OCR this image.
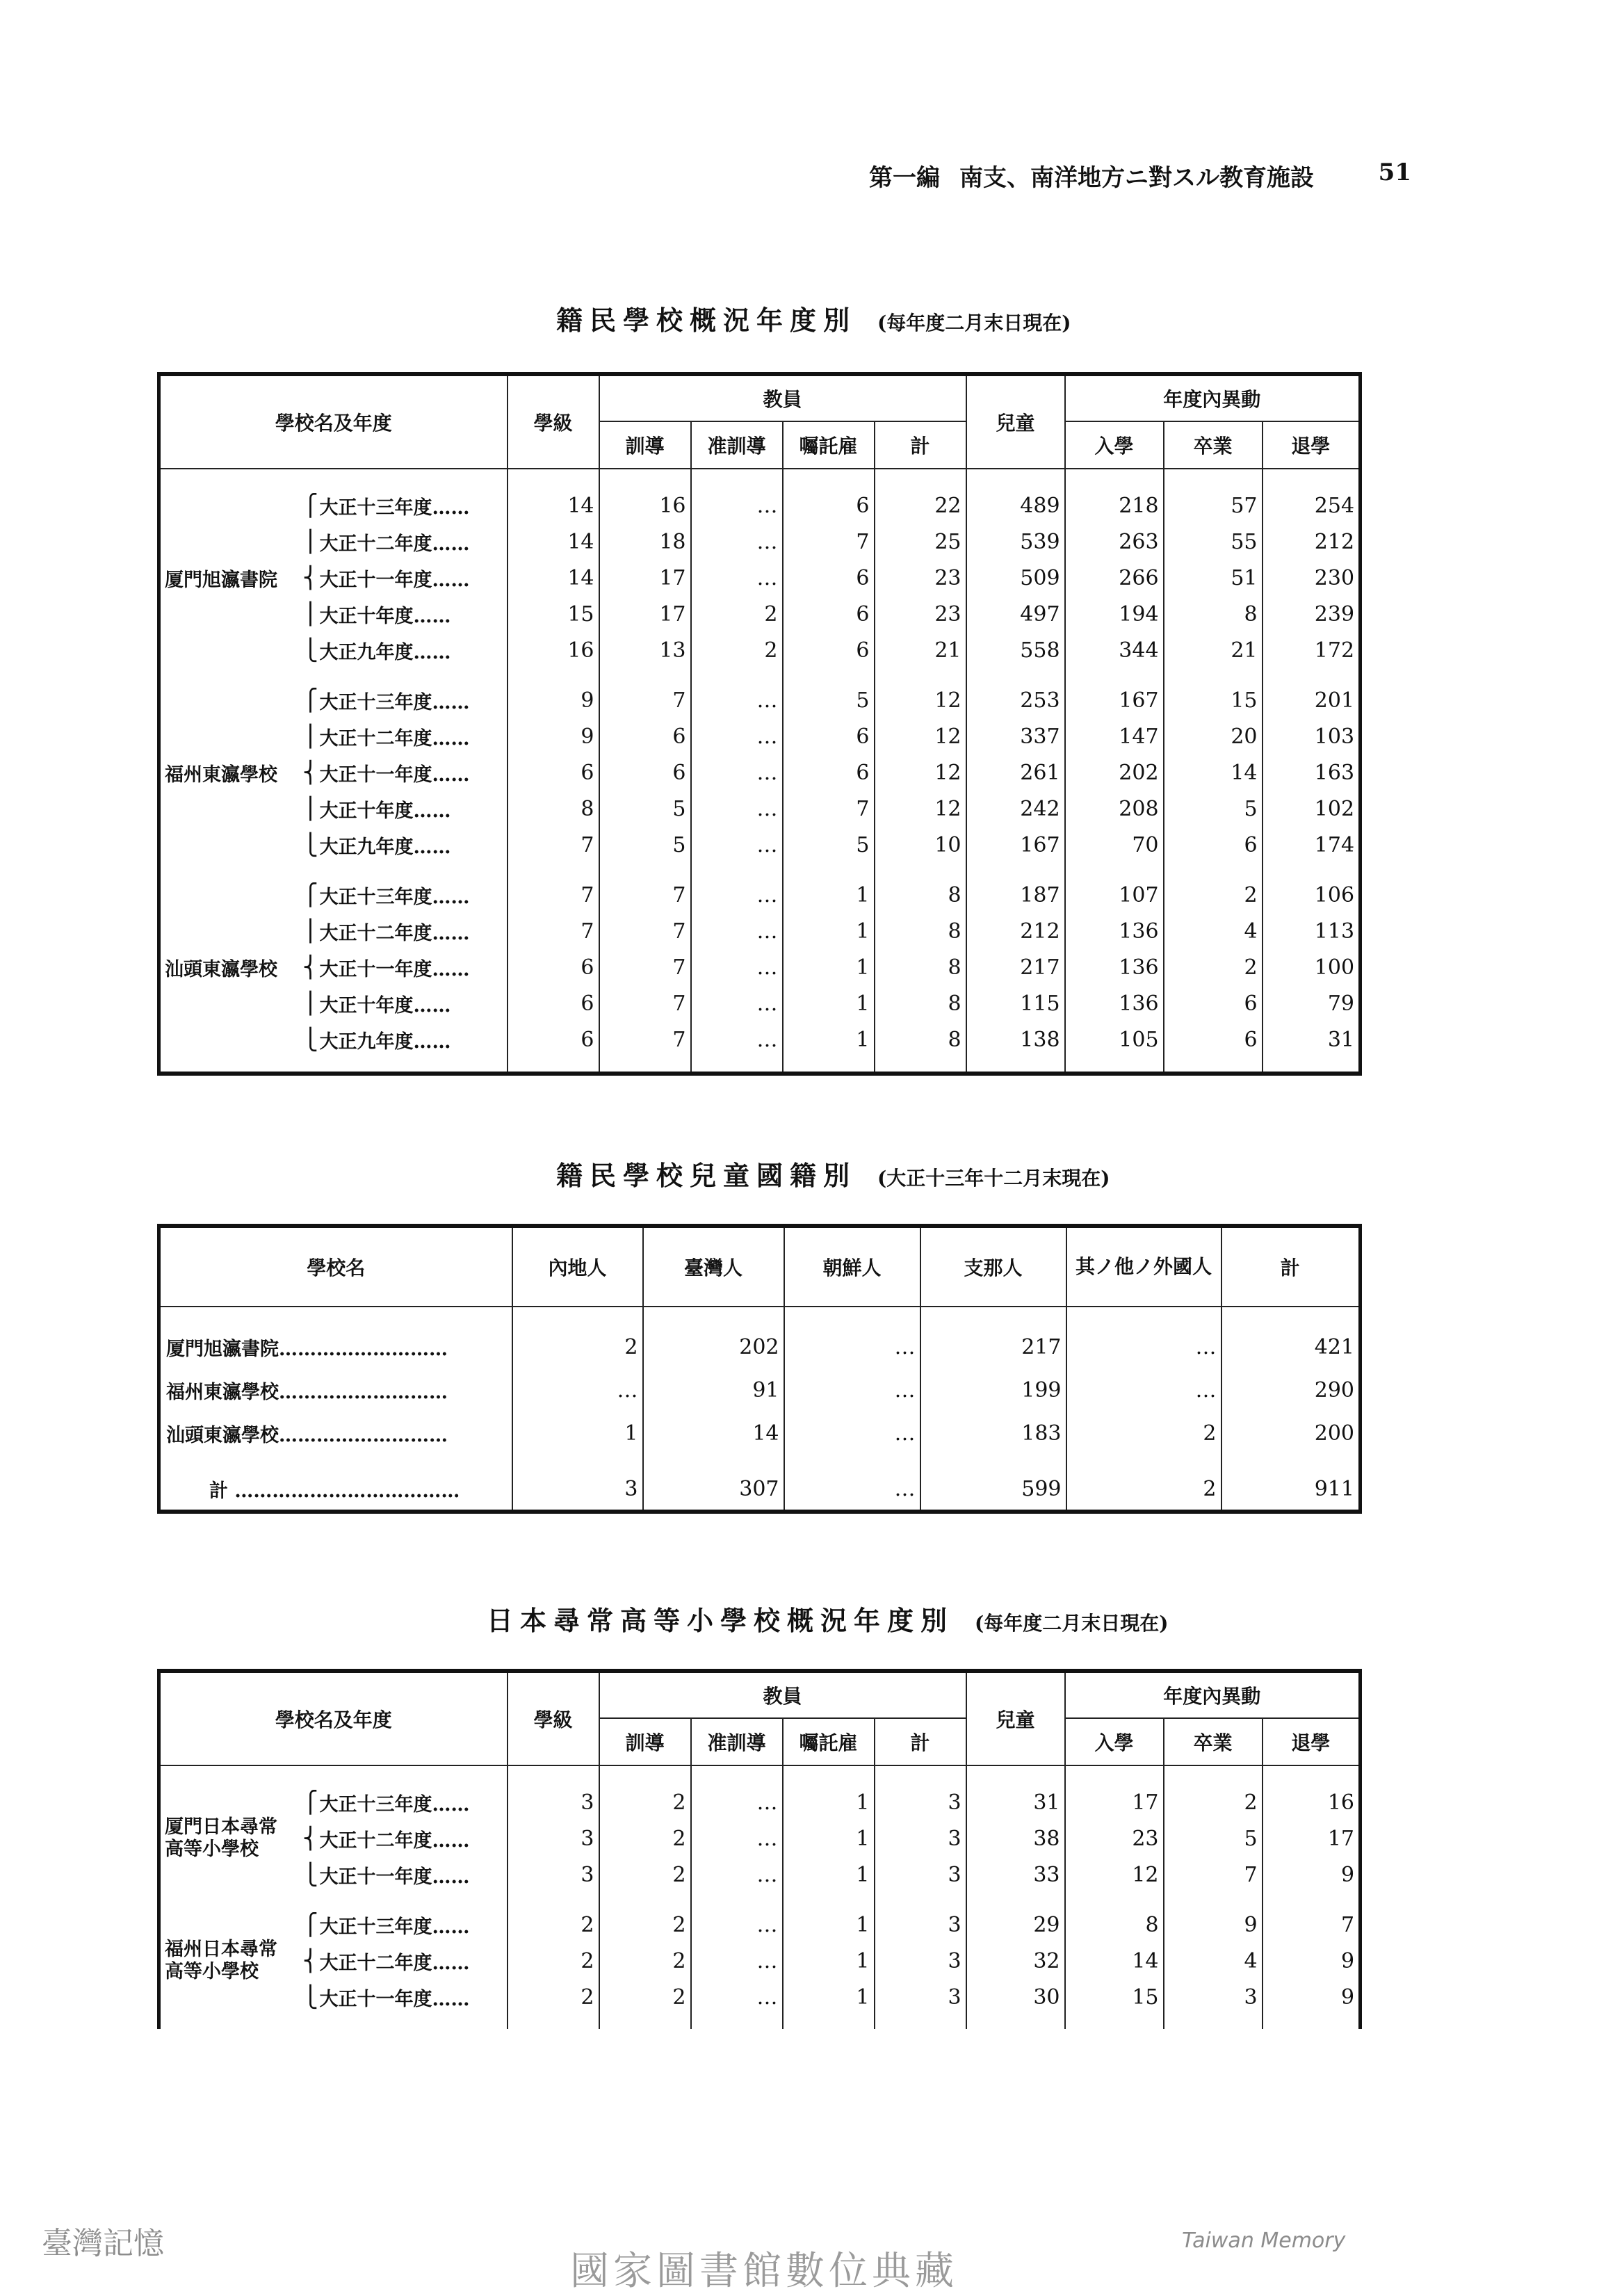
第一編 南支、南洋地方ニ對スル教育施設	51
籍民學校概況年度別 (每年度二月末日現在)
學校名及年度			學級	教員				兒童	年度內異動		
				訓導	准訓導	囑託雇	計		入學	卒業	退學

厦門旭瀛書院	⎧	大正十三年度……	14	16	…	6	22	489	218	57	254
	⎪	大正十二年度……	14	18	…	7	25	539	263	55	212
	⎨	大正十一年度……	14	17	…	6	23	509	266	51	230
	⎪	大正十年度……	15	17	2	6	23	497	194	8	239
	⎩	大正九年度……	16	13	2	6	21	558	344	21	172

福州東瀛學校	⎧	大正十三年度……	9	7	…	5	12	253	167	15	201
	⎪	大正十二年度……	9	6	…	6	12	337	147	20	103
	⎨	大正十一年度……	6	6	…	6	12	261	202	14	163
	⎪	大正十年度……	8	5	…	7	12	242	208	5	102
	⎩	大正九年度……	7	5	…	5	10	167	70	6	174

汕頭東瀛學校	⎧	大正十三年度……	7	7	…	1	8	187	107	2	106
	⎪	大正十二年度……	7	7	…	1	8	212	136	4	113
	⎨	大正十一年度……	6	7	…	1	8	217	136	2	100
	⎪	大正十年度……	6	7	…	1	8	115	136	6	79
	⎩	大正九年度……	6	7	…	1	8	138	105	6	31

籍民學校兒童國籍別 (大正十三年十二月末現在)
學校名	內地人	臺灣人	朝鮮人	支那人	其ノ他ノ外國人	計

厦門旭瀛書院………………………	2	202	…	217	…	421
福州東瀛學校………………………	…	91	…	199	…	290
汕頭東瀛學校………………………	1	14	…	183	2	200

計 ………………………………	3	307	…	599	2	911
日本尋常高等小學校概況年度別 (每年度二月末日現在)
學校名及年度			學級	教員				兒童	年度內異動		
				訓導	准訓導	囑託雇	計		入學	卒業	退學

厦門日本尋常
高等小學校	⎧	大正十三年度……	3	2	…	1	3	31	17	2	16
	⎨	大正十二年度……	3	2	…	1	3	38	23	5	17
	⎩	大正十一年度……	3	2	…	1	3	33	12	7	9

福州日本尋常
高等小學校	⎧	大正十三年度……	2	2	…	1	3	29	8	9	7
	⎨	大正十二年度……	2	2	…	1	3	32	14	4	9
	⎩	大正十一年度……	2	2	…	1	3	30	15	3	9

臺灣記憶	Taiwan Memory
國家圖書館數位典藏
